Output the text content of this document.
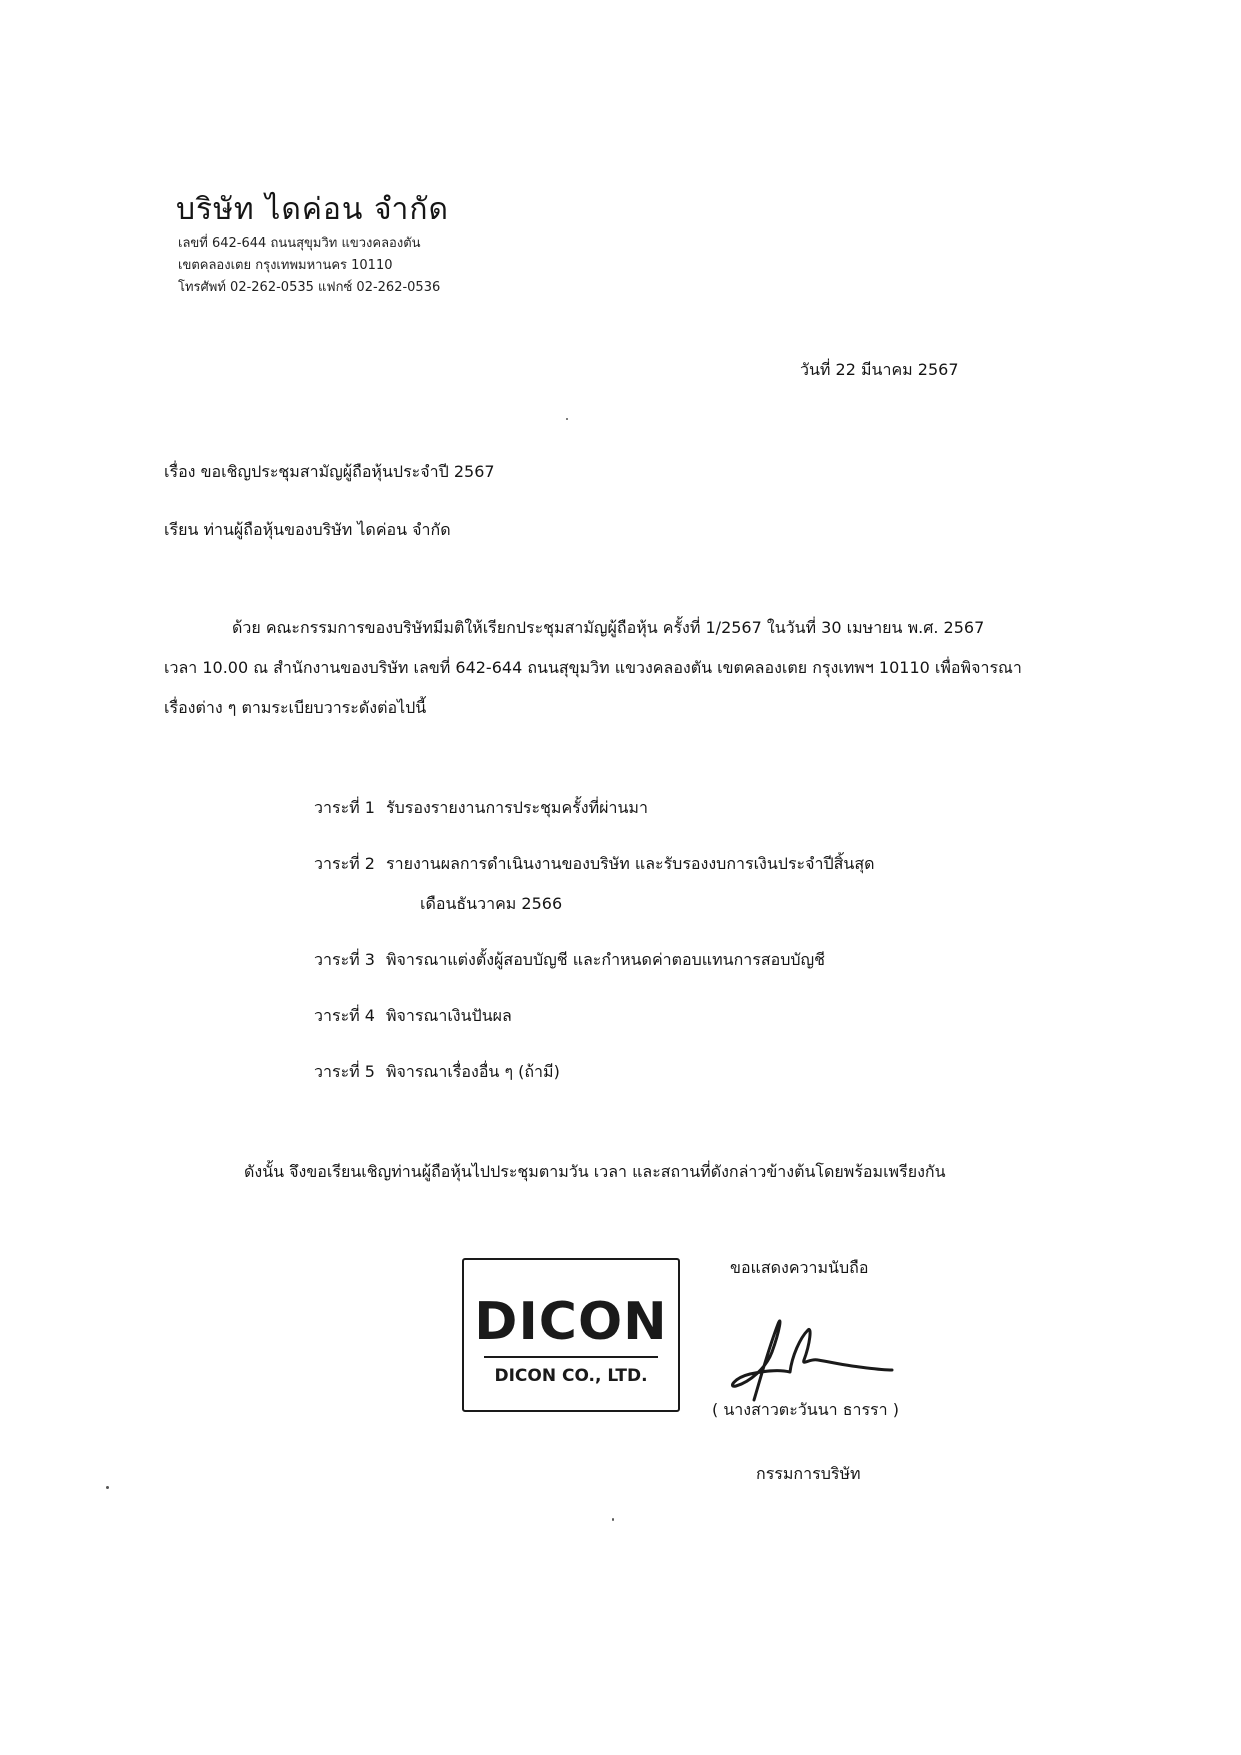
บริษัท ไดค่อน จำกัด
เลขที่ 642-644 ถนนสุขุมวิท แขวงคลองตัน
เขตคลองเตย กรุงเทพมหานคร 10110
โทรศัพท์ 02-262-0535 แฟกซ์ 02-262-0536
วันที่ 22 มีนาคม 2567
เรื่อง ขอเชิญประชุมสามัญผู้ถือหุ้นประจำปี 2567
เรียน ท่านผู้ถือหุ้นของบริษัท ไดค่อน จำกัด
ด้วย คณะกรรมการของบริษัทมีมติให้เรียกประชุมสามัญผู้ถือหุ้น ครั้งที่ 1/2567 ในวันที่ 30 เมษายน พ.ศ. 2567
เวลา 10.00 ณ สำนักงานของบริษัท เลขที่ 642-644 ถนนสุขุมวิท แขวงคลองตัน เขตคลองเตย กรุงเทพฯ 10110 เพื่อพิจารณา
เรื่องต่าง ๆ ตามระเบียบวาระดังต่อไปนี้
วาระที่ 1 รับรองรายงานการประชุมครั้งที่ผ่านมา
วาระที่ 2 รายงานผลการดำเนินงานของบริษัท และรับรองงบการเงินประจำปีสิ้นสุด
เดือนธันวาคม 2566
วาระที่ 3 พิจารณาแต่งตั้งผู้สอบบัญชี และกำหนดค่าตอบแทนการสอบบัญชี
วาระที่ 4 พิจารณาเงินปันผล
วาระที่ 5 พิจารณาเรื่องอื่น ๆ (ถ้ามี)
ดังนั้น จึงขอเรียนเชิญท่านผู้ถือหุ้นไปประชุมตามวัน เวลา และสถานที่ดังกล่าวข้างต้นโดยพร้อมเพรียงกัน
DICON
DICON CO., LTD.
ขอแสดงความนับถือ
( นางสาวตะวันนา ธารรา )
กรรมการบริษัท
